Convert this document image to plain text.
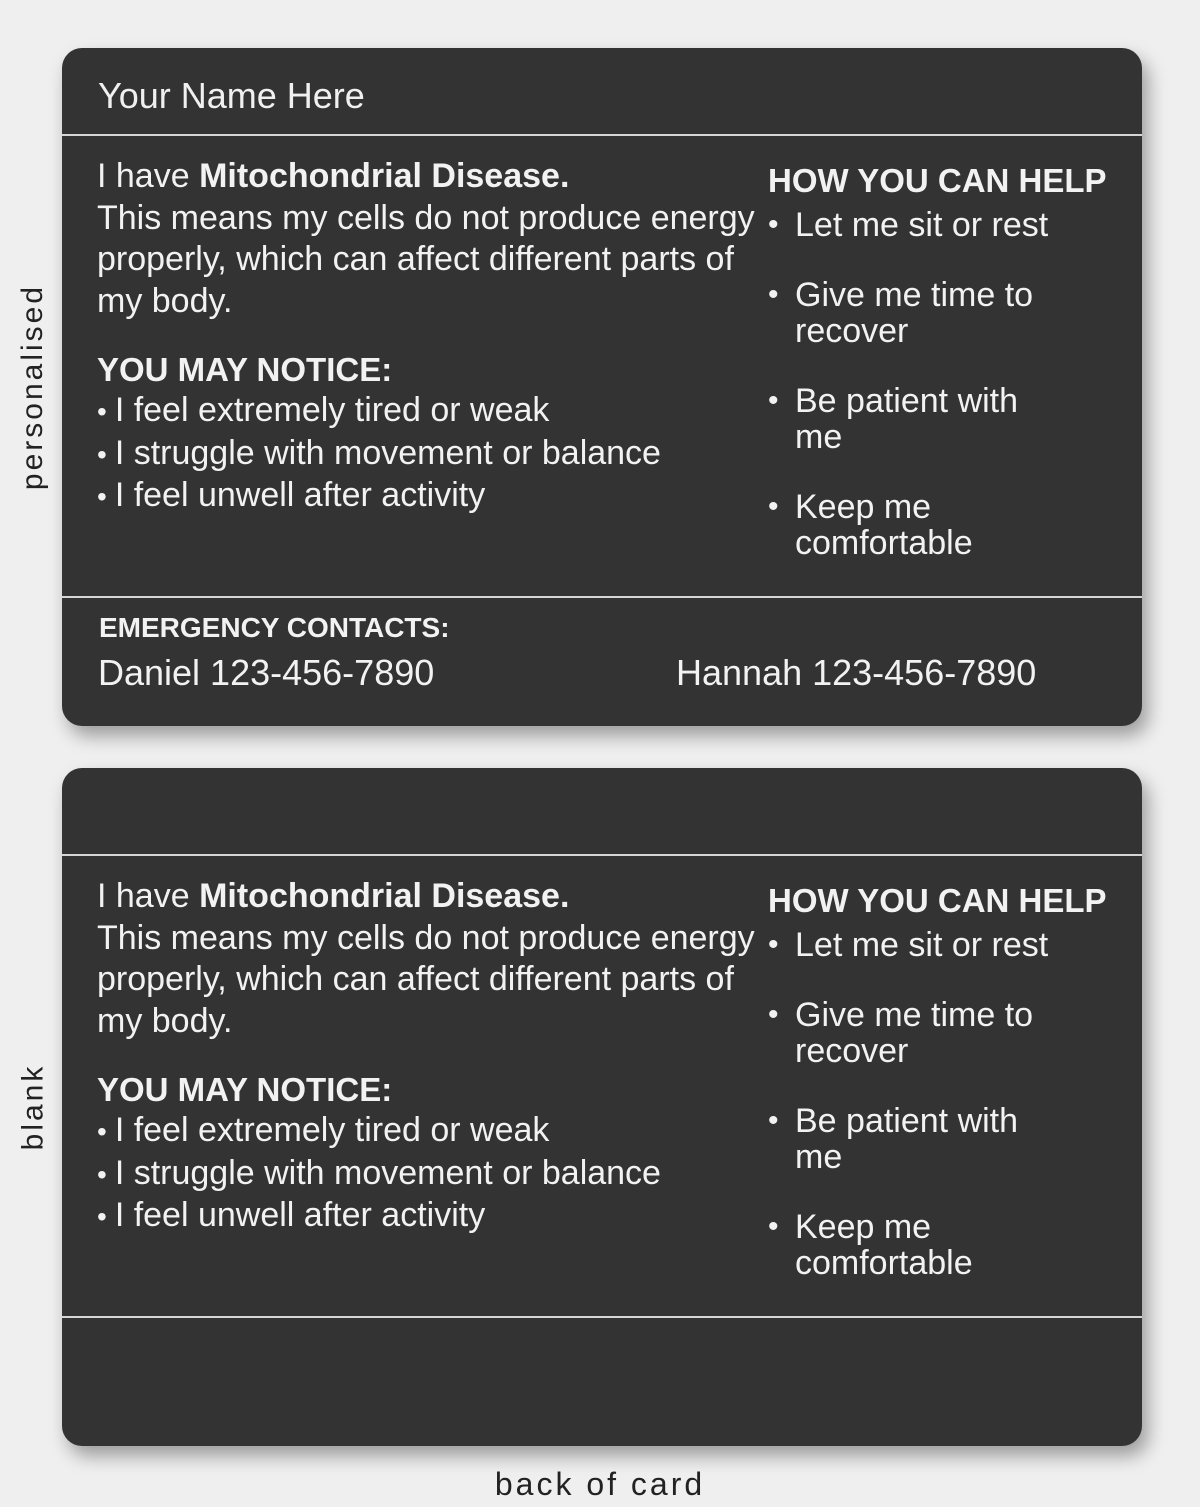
personalised
blank
Your Name Here

I have Mitochondrial Disease.
This means my cells do not produce energy properly, which can affect different parts of my body.

YOU MAY NOTICE:
• I feel extremely tired or weak
• I struggle with movement or balance
• I feel unwell after activity
HOW YOU CAN HELP
• Let me sit or rest
• Give me time to recover
• Be patient with me
• Keep me comfortable
EMERGENCY CONTACTS:
Daniel 123-456-7890	Hannah 123-456-7890

I have Mitochondrial Disease.
This means my cells do not produce energy properly, which can affect different parts of my body.

YOU MAY NOTICE:
• I feel extremely tired or weak
• I struggle with movement or balance
• I feel unwell after activity
HOW YOU CAN HELP
• Let me sit or rest
• Give me time to recover
• Be patient with me
• Keep me comfortable
back of card
